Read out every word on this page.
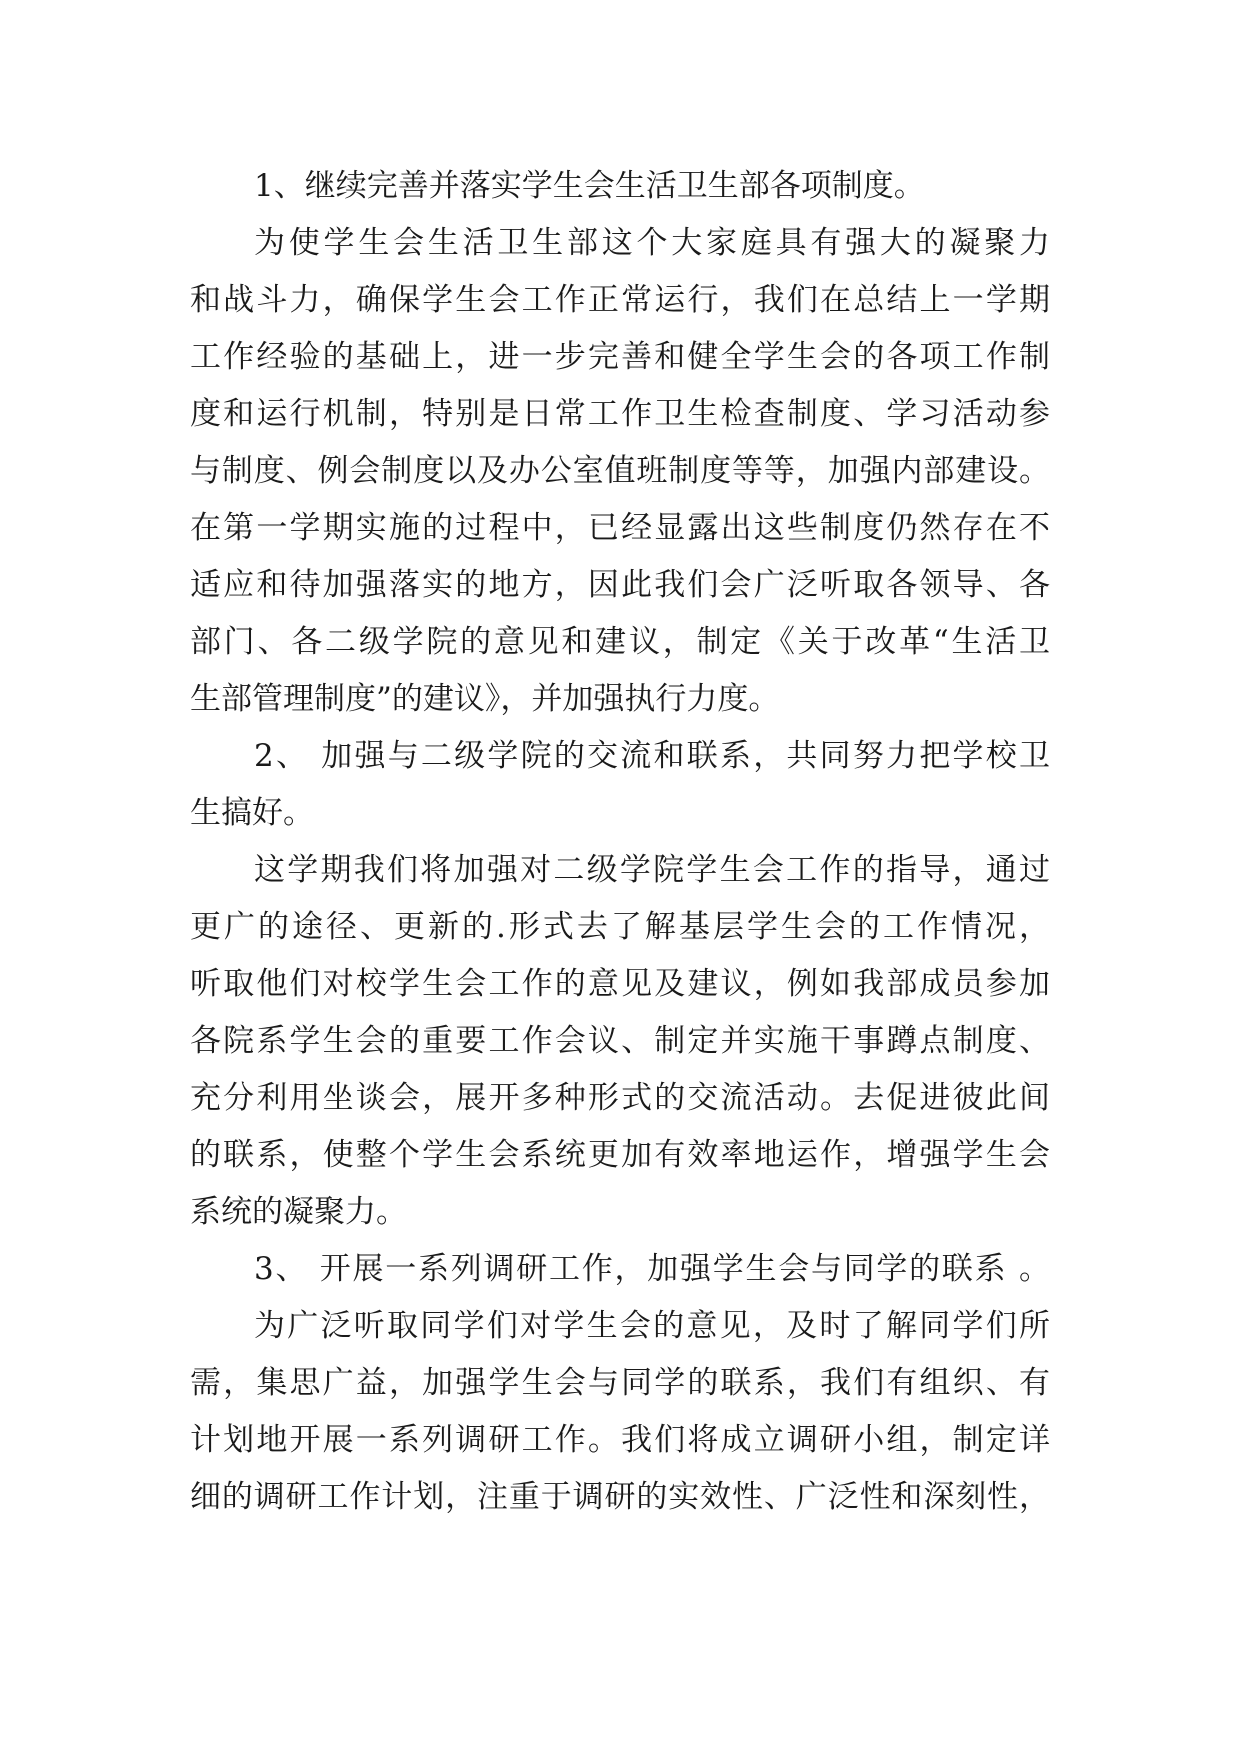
1、继续完善并落实学生会生活卫生部各项制度。
为使学生会生活卫生部这个大家庭具有强大的凝聚力
和战斗力，确保学生会工作正常运行，我们在总结上一学期
工作经验的基础上，进一步完善和健全学生会的各项工作制
度和运行机制，特别是日常工作卫生检查制度、学习活动参
与制度、例会制度以及办公室值班制度等等，加强内部建设。
在第一学期实施的过程中，已经显露出这些制度仍然存在不
适应和待加强落实的地方，因此我们会广泛听取各领导、各
部门、各二级学院的意见和建议，制定《关于改革“生活卫
生部管理制度”的建议》，并加强执行力度。
2、 加强与二级学院的交流和联系，共同努力把学校卫
生搞好。
这学期我们将加强对二级学院学生会工作的指导，通过
更广的途径、更新的.形式去了解基层学生会的工作情况，
听取他们对校学生会工作的意见及建议，例如我部成员参加
各院系学生会的重要工作会议、制定并实施干事蹲点制度、
充分利用坐谈会，展开多种形式的交流活动。去促进彼此间
的联系，使整个学生会系统更加有效率地运作，增强学生会
系统的凝聚力。
3、 开展一系列调研工作，加强学生会与同学的联系 。
为广泛听取同学们对学生会的意见，及时了解同学们所
需，集思广益，加强学生会与同学的联系，我们有组织、有
计划地开展一系列调研工作。我们将成立调研小组，制定详
细的调研工作计划，注重于调研的实效性、广泛性和深刻性，
